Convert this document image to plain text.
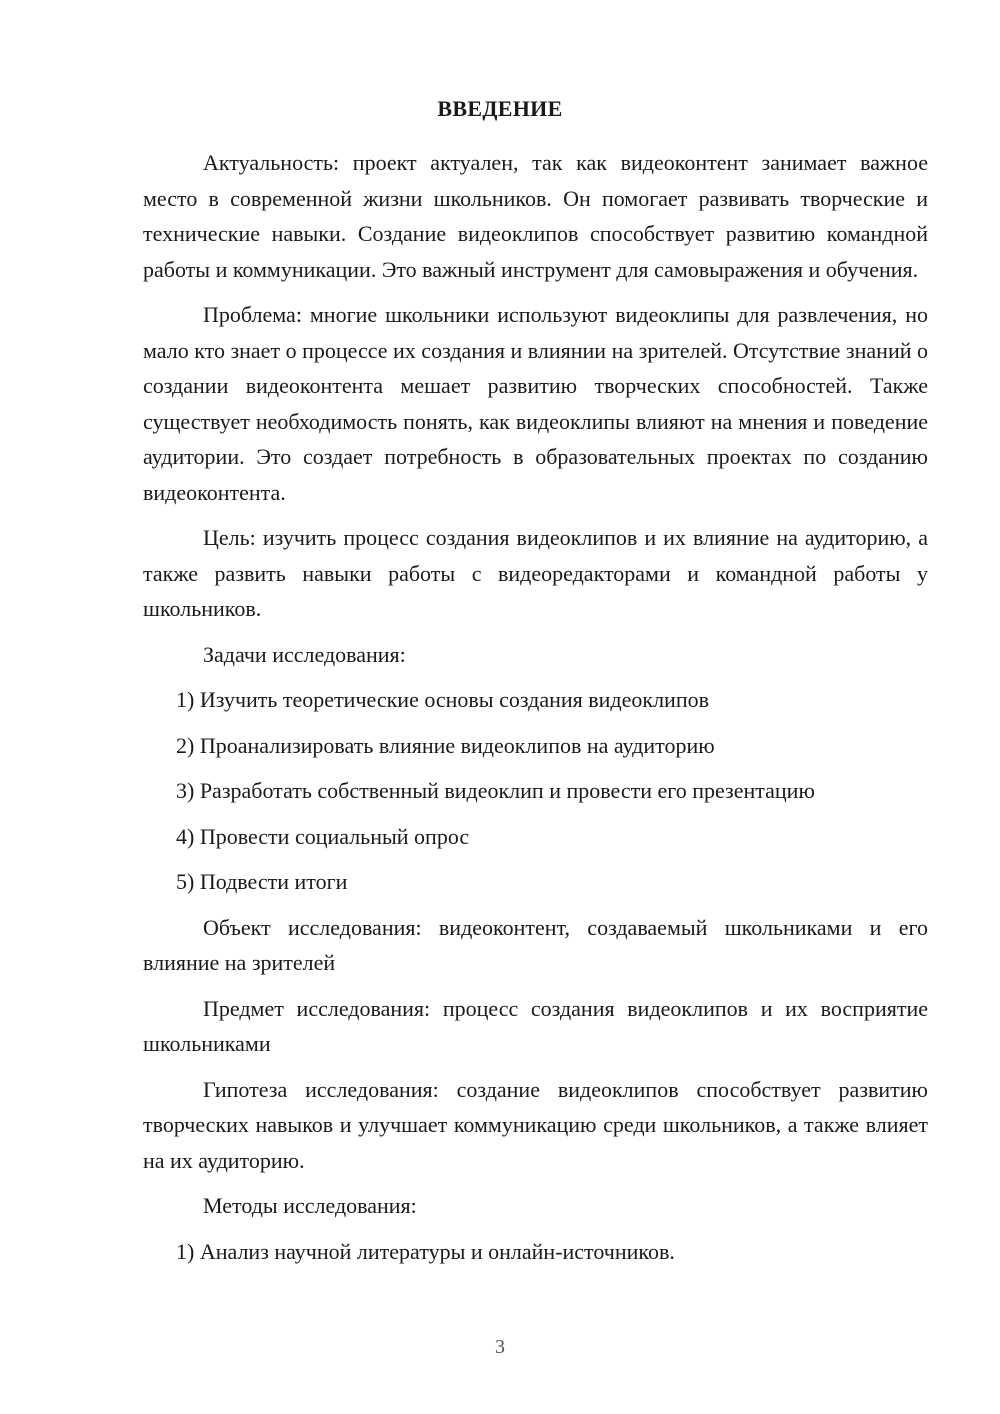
ВВЕДЕНИЕ

Актуальность: проект актуален, так как видеоконтент занимает важное место в современной жизни школьников. Он помогает развивать творческие и технические навыки. Создание видеоклипов способствует развитию командной работы и коммуникации. Это важный инструмент для самовыражения и обучения.

Проблема: многие школьники используют видеоклипы для развлечения, но мало кто знает о процессе их создания и влиянии на зрителей. Отсутствие знаний о создании видеоконтента мешает развитию творческих способностей. Также существует необходимость понять, как видеоклипы влияют на мнения и поведение аудитории. Это создает потребность в образовательных проектах по созданию видеоконтента.

Цель: изучить процесс создания видеоклипов и их влияние на аудиторию, а также развить навыки работы с видеоредакторами и командной работы у школьников.

Задачи исследования:

1) Изучить теоретические основы создания видеоклипов

2) Проанализировать влияние видеоклипов на аудиторию

3) Разработать собственный видеоклип и провести его презентацию

4) Провести социальный опрос

5) Подвести итоги

Объект исследования: видеоконтент, создаваемый школьниками и его влияние на зрителей

Предмет исследования: процесс создания видеоклипов и их восприятие школьниками

Гипотеза исследования: создание видеоклипов способствует развитию творческих навыков и улучшает коммуникацию среди школьников, а также влияет на их аудиторию.

Методы исследования:

1) Анализ научной литературы и онлайн-источников.

3
